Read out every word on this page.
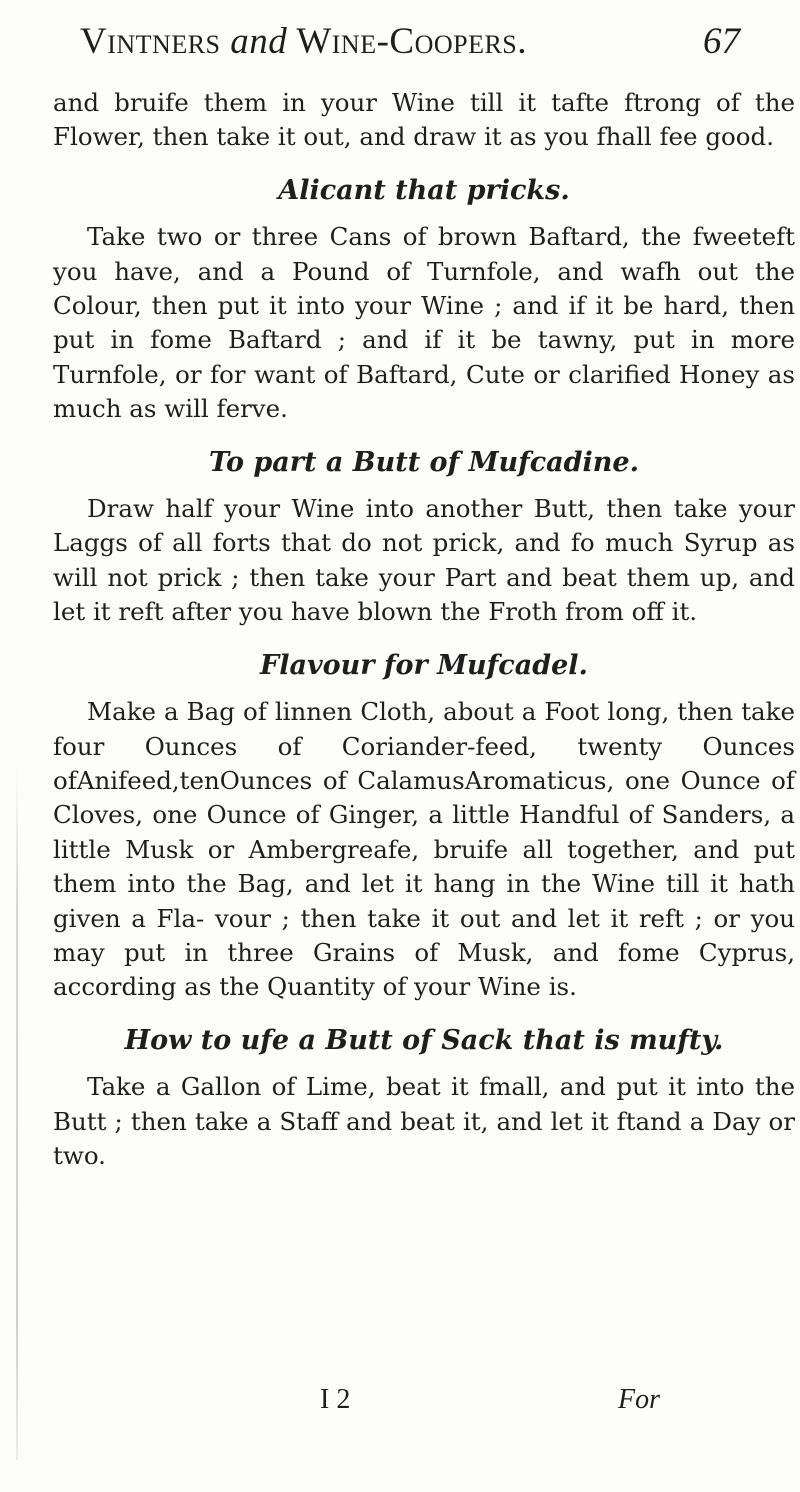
Vintners and Wine-Coopers.	67

and bruife them in your Wine till it tafte ftrong of the Flower, then take it out, and draw it as you fhall fee good.

Alicant that pricks.

Take two or three Cans of brown Baftard, the fweeteft you have, and a Pound of Turnfole, and wafh out the Colour, then put it into your Wine ; and if it be hard, then put in fome Baftard ; and if it be tawny, put in more Turnfole, or for want of Baftard, Cute or clarified Honey as much as will ferve.

To part a Butt of Mufcadine.

Draw half your Wine into another Butt, then take your Laggs of all forts that do not prick, and fo much Syrup as will not prick ; then take your Part and beat them up, and let it reft after you have blown the Froth from off it.

Flavour for Mufcadel.

Make a Bag of linnen Cloth, about a Foot long, then take four Ounces of Coriander-feed, twenty Ounces ofAnifeed,tenOunces of CalamusAromaticus, one Ounce of Cloves, one Ounce of Ginger, a little Handful of Sanders, a little Musk or Ambergreafe, bruife all together, and put them into the Bag, and let it hang in the Wine till it hath given a Fla- vour ; then take it out and let it reft ; or you may put in three Grains of Musk, and fome Cyprus, according as the Quantity of your Wine is.

How to ufe a Butt of Sack that is mufty.

Take a Gallon of Lime, beat it fmall, and put it into the Butt ; then take a Staff and beat it, and let it ftand a Day or two.

I 2	For
